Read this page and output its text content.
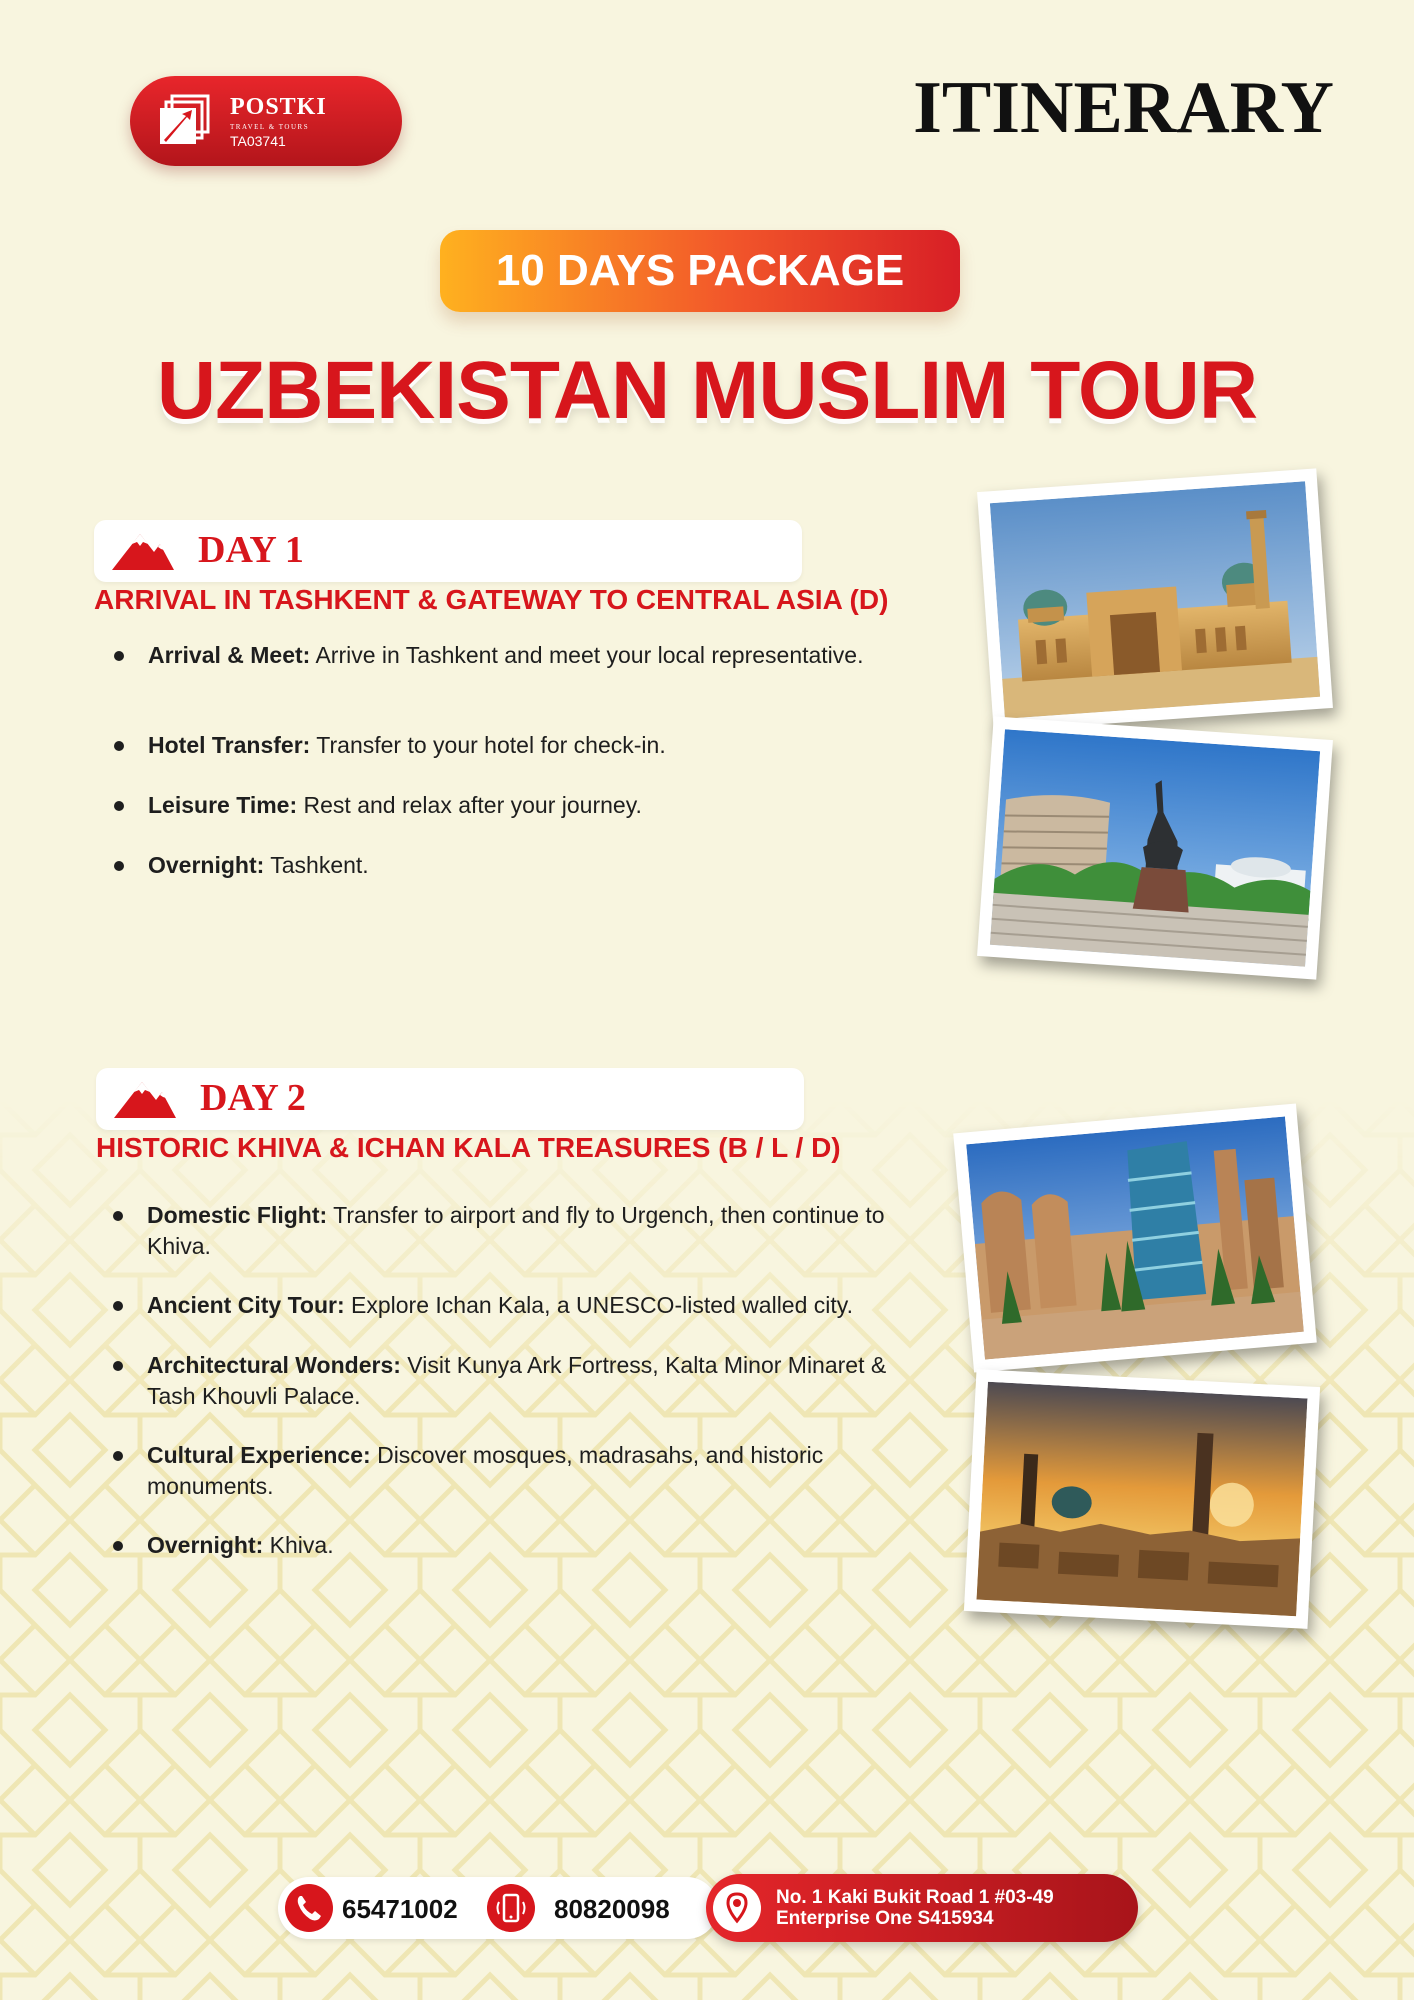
POSTKI
TRAVEL & TOURS
TA03741	ITINERARY
10 DAYS PACKAGE
UZBEKISTAN MUSLIM TOUR
DAY 1
ARRIVAL IN TASHKENT & GATEWAY TO CENTRAL ASIA (D)
Arrival & Meet: Arrive in Tashkent and meet your local representative.
Hotel Transfer: Transfer to your hotel for check-in.
Leisure Time: Rest and relax after your journey.
Overnight: Tashkent.
DAY 2
HISTORIC KHIVA & ICHAN KALA TREASURES (B / L / D)
Domestic Flight: Transfer to airport and fly to Urgench, then continue to Khiva.
Ancient City Tour: Explore Ichan Kala, a UNESCO-listed walled city.
Architectural Wonders: Visit Kunya Ark Fortress, Kalta Minor Minaret & Tash Khouvli Palace.
Cultural Experience: Discover mosques, madrasahs, and historic monuments.
Overnight: Khiva.
65471002	80820098	No. 1 Kaki Bukit Road 1 #03-49
Enterprise One S415934
